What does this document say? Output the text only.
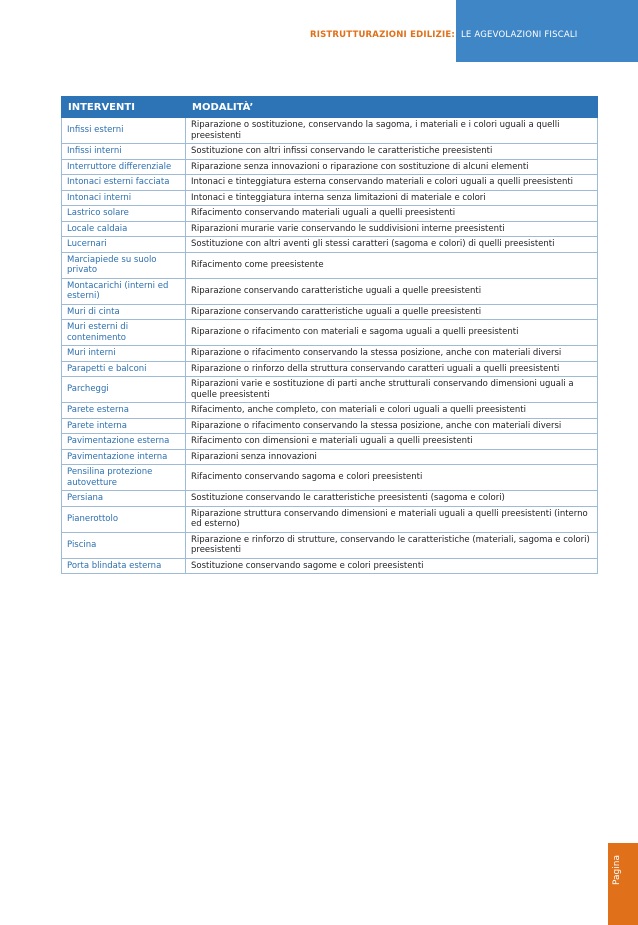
RISTRUTTURAZIONI EDILIZIE: LE AGEVOLAZIONI FISCALI
INTERVENTI	MODALITÀ’
Infissi esterni	Riparazione o sostituzione, conservando la sagoma, i materiali e i colori uguali a quelli preesistenti
Infissi interni	Sostituzione con altri infissi conservando le caratteristiche preesistenti
Interruttore differenziale	Riparazione senza innovazioni o riparazione con sostituzione di alcuni elementi
Intonaci esterni facciata	Intonaci e tinteggiatura esterna conservando materiali e colori uguali a quelli preesistenti
Intonaci interni	Intonaci e tinteggiatura interna senza limitazioni di materiale e colori
Lastrico solare	Rifacimento conservando materiali uguali a quelli preesistenti
Locale caldaia	Riparazioni murarie varie conservando le suddivisioni interne preesistenti
Lucernari	Sostituzione con altri aventi gli stessi caratteri (sagoma e colori) di quelli preesistenti
Marciapiede su suolo privato	Rifacimento come preesistente
Montacarichi (interni ed esterni)	Riparazione conservando caratteristiche uguali a quelle preesistenti
Muri di cinta	Riparazione conservando caratteristiche uguali a quelle preesistenti
Muri esterni di contenimento	Riparazione o rifacimento con materiali e sagoma uguali a quelli preesistenti
Muri interni	Riparazione o rifacimento conservando la stessa posizione, anche con materiali diversi
Parapetti e balconi	Riparazione o rinforzo della struttura conservando caratteri uguali a quelli preesistenti
Parcheggi	Riparazioni varie e sostituzione di parti anche strutturali conservando dimensioni uguali a quelle preesistenti
Parete esterna	Rifacimento, anche completo, con materiali e colori uguali a quelli preesistenti
Parete interna	Riparazione o rifacimento conservando la stessa posizione, anche con materiali diversi
Pavimentazione esterna	Rifacimento con dimensioni e materiali uguali a quelli preesistenti
Pavimentazione interna	Riparazioni senza innovazioni
Pensilina protezione autovetture	Rifacimento conservando sagoma e colori preesistenti
Persiana	Sostituzione conservando le caratteristiche preesistenti (sagoma e colori)
Pianerottolo	Riparazione struttura conservando dimensioni e materiali uguali a quelli preesistenti (interno ed esterno)
Piscina	Riparazione e rinforzo di strutture, conservando le caratteristiche (materiali, sagoma e colori) preesistenti
Porta blindata esterna	Sostituzione conservando sagome e colori preesistenti
Pagina
31
